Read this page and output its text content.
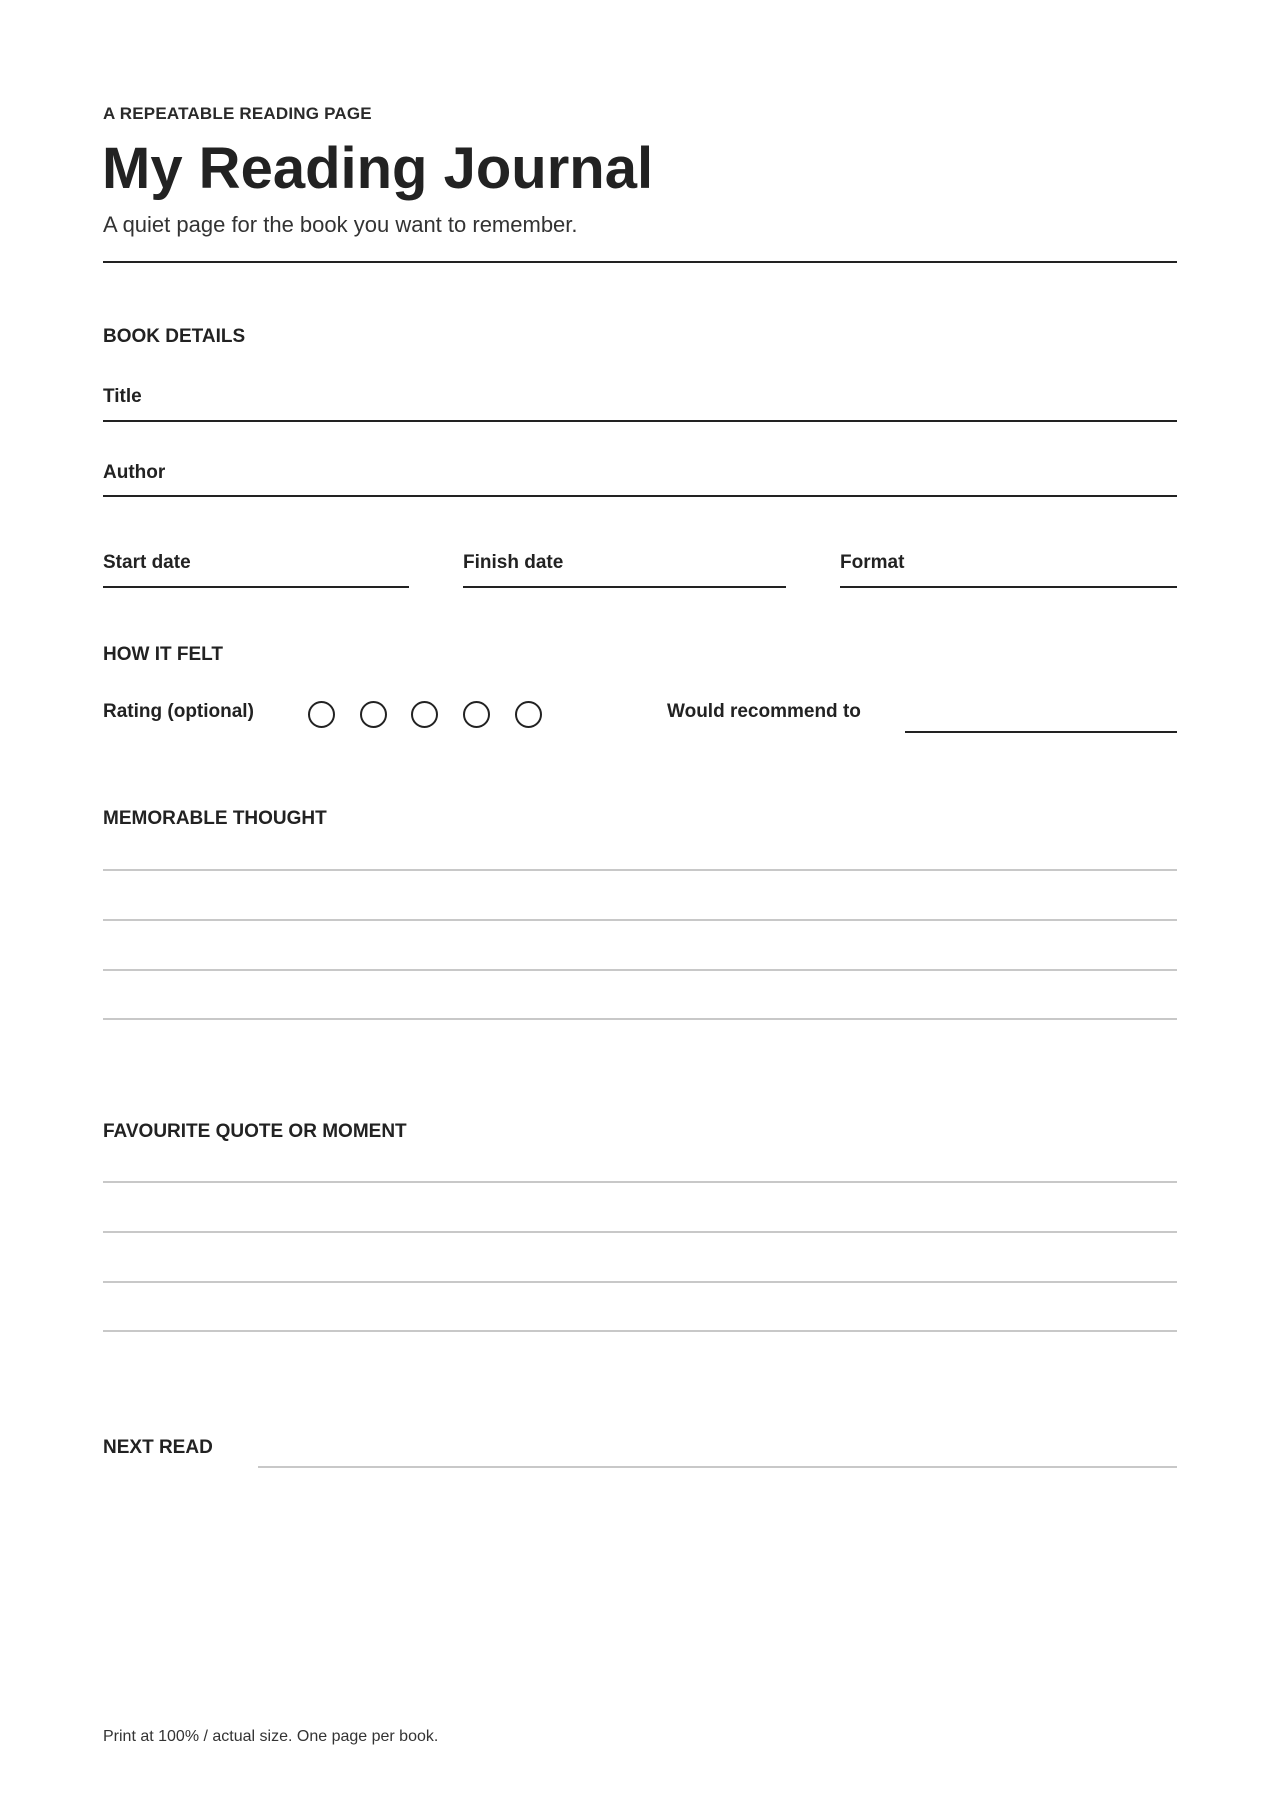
A REPEATABLE READING PAGE

My Reading Journal

A quiet page for the book you want to remember.

BOOK DETAILS
Title
Author
Start date	Finish date	Format
HOW IT FELT
Rating (optional)	Would recommend to
MEMORABLE THOUGHT
FAVOURITE QUOTE OR MOMENT
NEXT READ

Print at 100% / actual size. One page per book.
